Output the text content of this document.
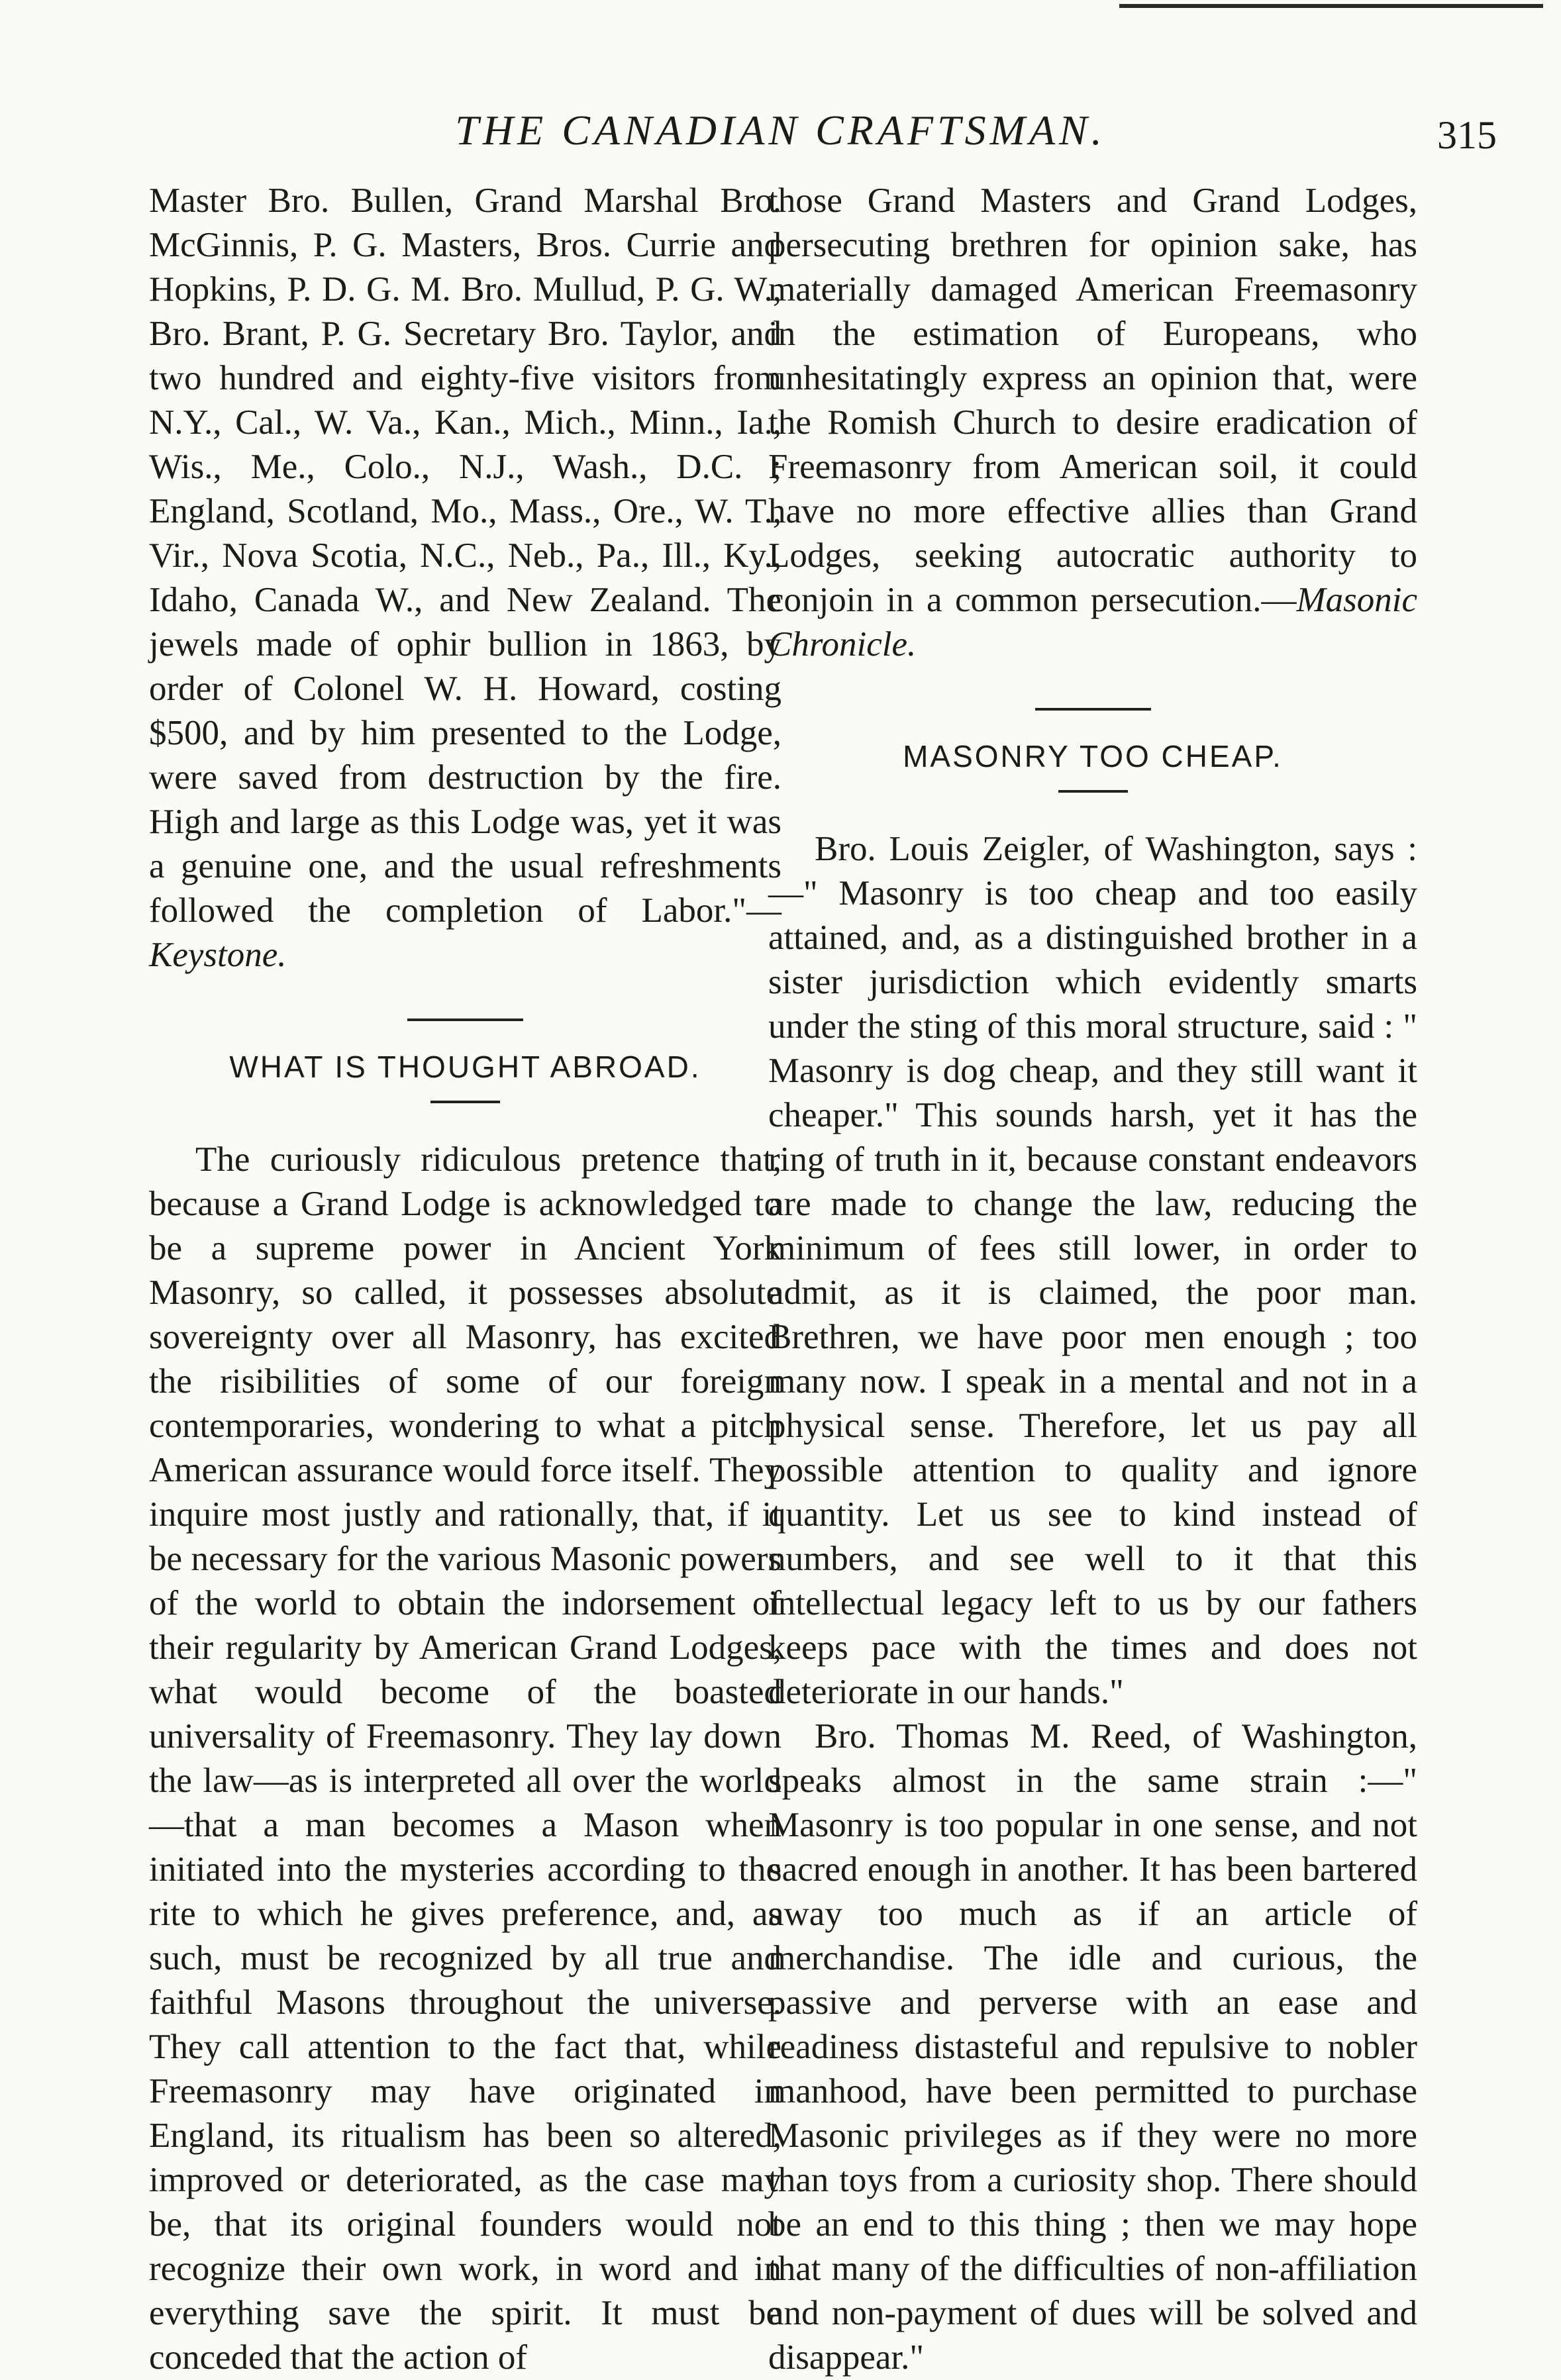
THE CANADIAN CRAFTSMAN.	315

Master Bro. Bullen, Grand Marshal Bro. McGinnis, P. G. Masters, Bros. Currie and Hopkins, P. D. G. M. Bro. Mullud, P. G. W., Bro. Brant, P. G. Secretary Bro. Taylor, and two hundred and eighty-five visitors from N.Y., Cal., W. Va., Kan., Mich., Minn., Ia., Wis., Me., Colo., N.J., Wash., D.C. ; England, Scotland, Mo., Mass., Ore., W. T., Vir., Nova Scotia, N.C., Neb., Pa., Ill., Ky., Idaho, Canada W., and New Zealand. The jewels made of ophir bullion in 1863, by order of Colonel W. H. Howard, costing $500, and by him presented to the Lodge, were saved from destruction by the fire. High and large as this Lodge was, yet it was a genuine one, and the usual refreshments followed the completion of Labor."—Keystone.

WHAT IS THOUGHT ABROAD.

The curiously ridiculous pretence that, because a Grand Lodge is acknowledged to be a supreme power in Ancient York Masonry, so called, it possesses absolute sovereignty over all Masonry, has excited the risibilities of some of our foreign contemporaries, wondering to what a pitch American assurance would force itself. They inquire most justly and rationally, that, if it be necessary for the various Masonic powers of the world to obtain the indorsement of their regularity by American Grand Lodges, what would become of the boasted universality of Freemasonry. They lay down the law—as is interpreted all over the world—that a man becomes a Mason when initiated into the mysteries according to the rite to which he gives preference, and, as such, must be recognized by all true and faithful Masons throughout the universe. They call attention to the fact that, while Freemasonry may have originated in England, its ritualism has been so altered, improved or deteriorated, as the case may be, that its original founders would not recognize their own work, in word and in everything save the spirit. It must be conceded that the action of

those Grand Masters and Grand Lodges, persecuting brethren for opinion sake, has materially damaged American Freemasonry in the estimation of Europeans, who unhesitatingly express an opinion that, were the Romish Church to desire eradication of Freemasonry from American soil, it could have no more effective allies than Grand Lodges, seeking autocratic authority to conjoin in a common persecution.—Masonic Chronicle.

MASONRY TOO CHEAP.

Bro. Louis Zeigler, of Washington, says :—" Masonry is too cheap and too easily attained, and, as a distinguished brother in a sister jurisdiction which evidently smarts under the sting of this moral structure, said : " Masonry is dog cheap, and they still want it cheaper." This sounds harsh, yet it has the ring of truth in it, because constant endeavors are made to change the law, reducing the minimum of fees still lower, in order to admit, as it is claimed, the poor man. Brethren, we have poor men enough ; too many now. I speak in a mental and not in a physical sense. Therefore, let us pay all possible attention to quality and ignore quantity. Let us see to kind instead of numbers, and see well to it that this intellectual legacy left to us by our fathers keeps pace with the times and does not deteriorate in our hands."

Bro. Thomas M. Reed, of Washington, speaks almost in the same strain :—" Masonry is too popular in one sense, and not sacred enough in another. It has been bartered away too much as if an article of merchandise. The idle and curious, the passive and perverse with an ease and readiness distasteful and repulsive to nobler manhood, have been permitted to purchase Masonic privileges as if they were no more than toys from a curiosity shop. There should be an end to this thing ; then we may hope that many of the difficulties of non-affiliation and non-payment of dues will be solved and disappear."
